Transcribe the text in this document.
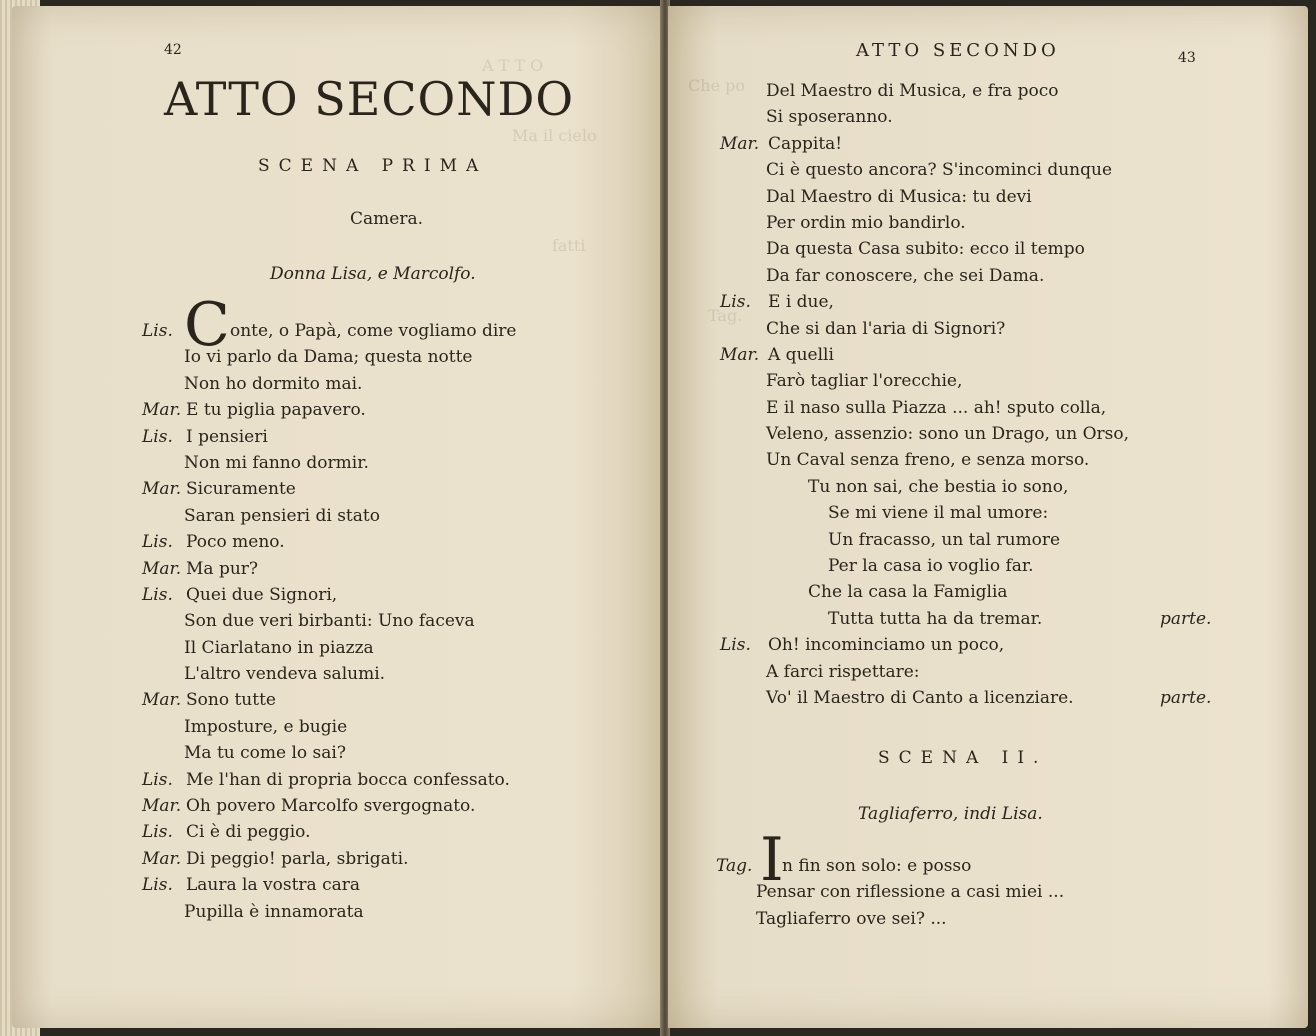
A T T O
Ma il cielo
fatti
42
ATTO SECONDO
SCENA PRIMA
Camera.
Donna Lisa, e Marcolfo.
Lis. C onte, o Papà, come vogliamo dire
Io vi parlo da Dama; questa notte
Non ho dormito mai.
Mar. E tu piglia papavero.
Lis. I pensieri
Non mi fanno dormir.
Mar. Sicuramente
Saran pensieri di stato
Lis. Poco meno.
Mar. Ma pur?
Lis. Quei due Signori,
Son due veri birbanti: Uno faceva
Il Ciarlatano in piazza
L'altro vendeva salumi.
Mar. Sono tutte
Imposture, e bugie
Ma tu come lo sai?
Lis. Me l'han di propria bocca confessato.
Mar. Oh povero Marcolfo svergognato.
Lis. Ci è di peggio.
Mar. Di peggio! parla, sbrigati.
Lis. Laura la vostra cara
Pupilla è innamorata
Che po
Tag.
ATTO SECONDO	43
Del Maestro di Musica, e fra poco
Si sposeranno.
Mar. Cappita!
Ci è questo ancora? S'incominci dunque
Dal Maestro di Musica: tu devi
Per ordin mio bandirlo.
Da questa Casa subito: ecco il tempo
Da far conoscere, che sei Dama.
Lis. E i due,
Che si dan l'aria di Signori?
Mar. A quelli
Farò tagliar l'orecchie,
E il naso sulla Piazza ... ah! sputo colla,
Veleno, assenzio: sono un Drago, un Orso,
Un Caval senza freno, e senza morso.
Tu non sai, che bestia io sono,
Se mi viene il mal umore:
Un fracasso, un tal rumore
Per la casa io voglio far.
Che la casa la Famiglia
Tutta tutta ha da tremar.	parte.
Lis. Oh! incominciamo un poco,
A farci rispettare:
Vo' il Maestro di Canto a licenziare.	parte.
SCENA II.
Tagliaferro, indi Lisa.
Tag. I
n fin son solo: e posso
Pensar con riflessione a casi miei ...
Tagliaferro ove sei? ...
